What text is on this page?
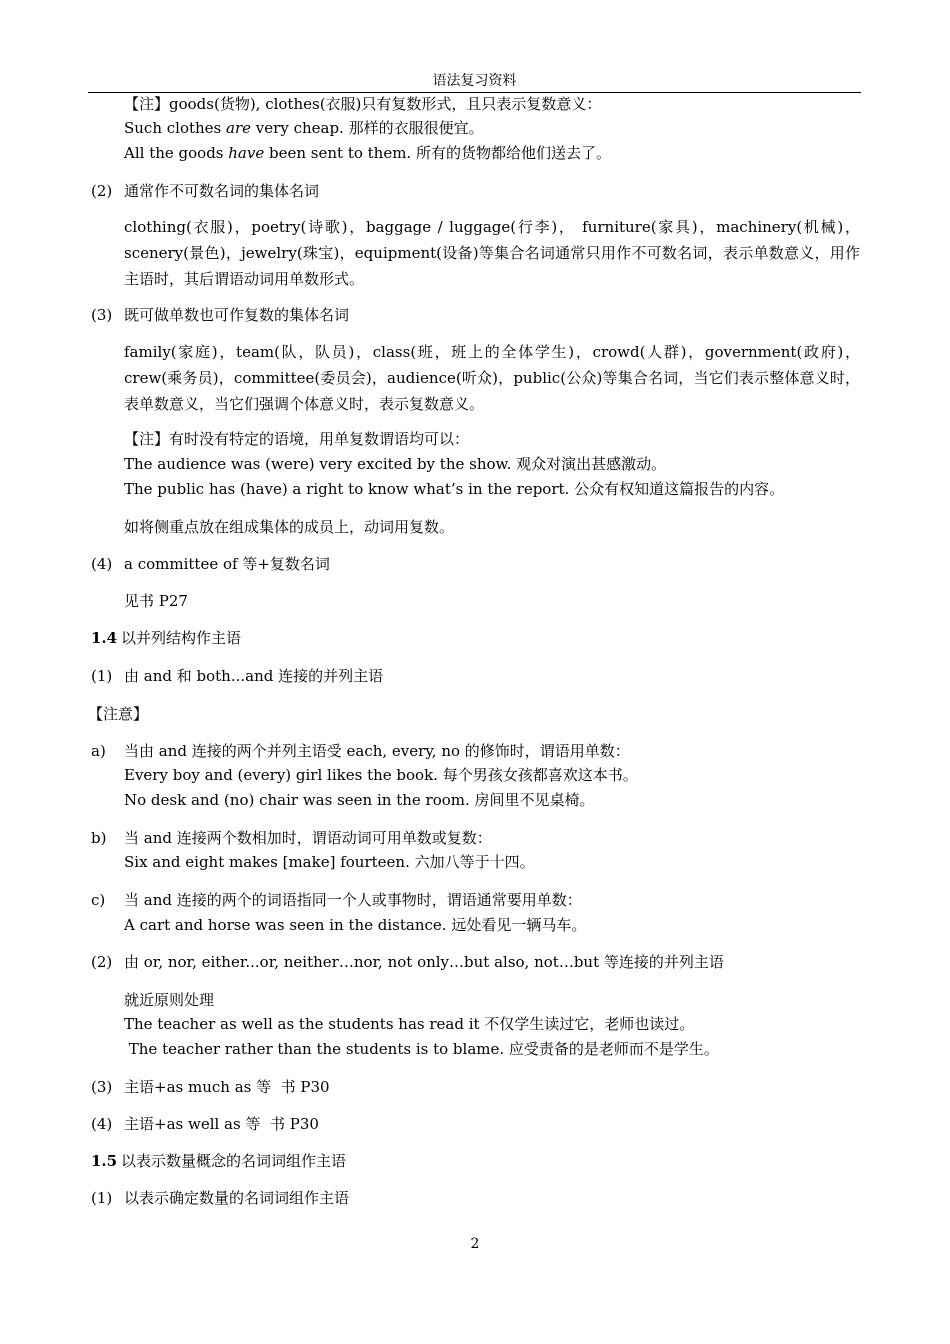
语法复习资料
【注】goods(货物), clothes(衣服)只有复数形式，且只表示复数意义：
Such clothes are very cheap. 那样的衣服很便宜。
All the goods have been sent to them. 所有的货物都给他们送去了。
(2) 通常作不可数名词的集体名词
clothing(衣服)，poetry(诗歌)，baggage / luggage(行李)， furniture(家具)，machinery(机械)，scenery(景色)，jewelry(珠宝)，equipment(设备)等集合名词通常只用作不可数名词，表示单数意义，用作主语时，其后谓语动词用单数形式。
(3) 既可做单数也可作复数的集体名词
family(家庭)，team(队，队员)，class(班，班上的全体学生)，crowd(人群)，government(政府)，crew(乘务员)，committee(委员会)，audience(听众)，public(公众)等集合名词，当它们表示整体意义时，表单数意义，当它们强调个体意义时，表示复数意义。
【注】有时没有特定的语境，用单复数谓语均可以：
The audience was (were) very excited by the show. 观众对演出甚感激动。
The public has (have) a right to know what’s in the report. 公众有权知道这篇报告的内容。
如将侧重点放在组成集体的成员上，动词用复数。
(4) a committee of 等+复数名词
见书 P27
1.4 以并列结构作主语
(1) 由 and 和 both...and 连接的并列主语
【注意】
a) 当由 and 连接的两个并列主语受 each, every, no 的修饰时，谓语用单数：
Every boy and (every) girl likes the book. 每个男孩女孩都喜欢这本书。
No desk and (no) chair was seen in the room. 房间里不见桌椅。
b) 当 and 连接两个数相加时，谓语动词可用单数或复数：
Six and eight makes [make] fourteen. 六加八等于十四。
c) 当 and 连接的两个的词语指同一个人或事物时，谓语通常要用单数：
A cart and horse was seen in the distance. 远处看见一辆马车。
(2) 由 or, nor, either...or, neither…nor, not only…but also, not…but 等连接的并列主语
就近原则处理
The teacher as well as the students has read it 不仅学生读过它，老师也读过。
The teacher rather than the students is to blame. 应受责备的是老师而不是学生。
(3) 主语+as much as 等  书 P30
(4) 主语+as well as 等  书 P30
1.5 以表示数量概念的名词词组作主语
(1) 以表示确定数量的名词词组作主语
2
